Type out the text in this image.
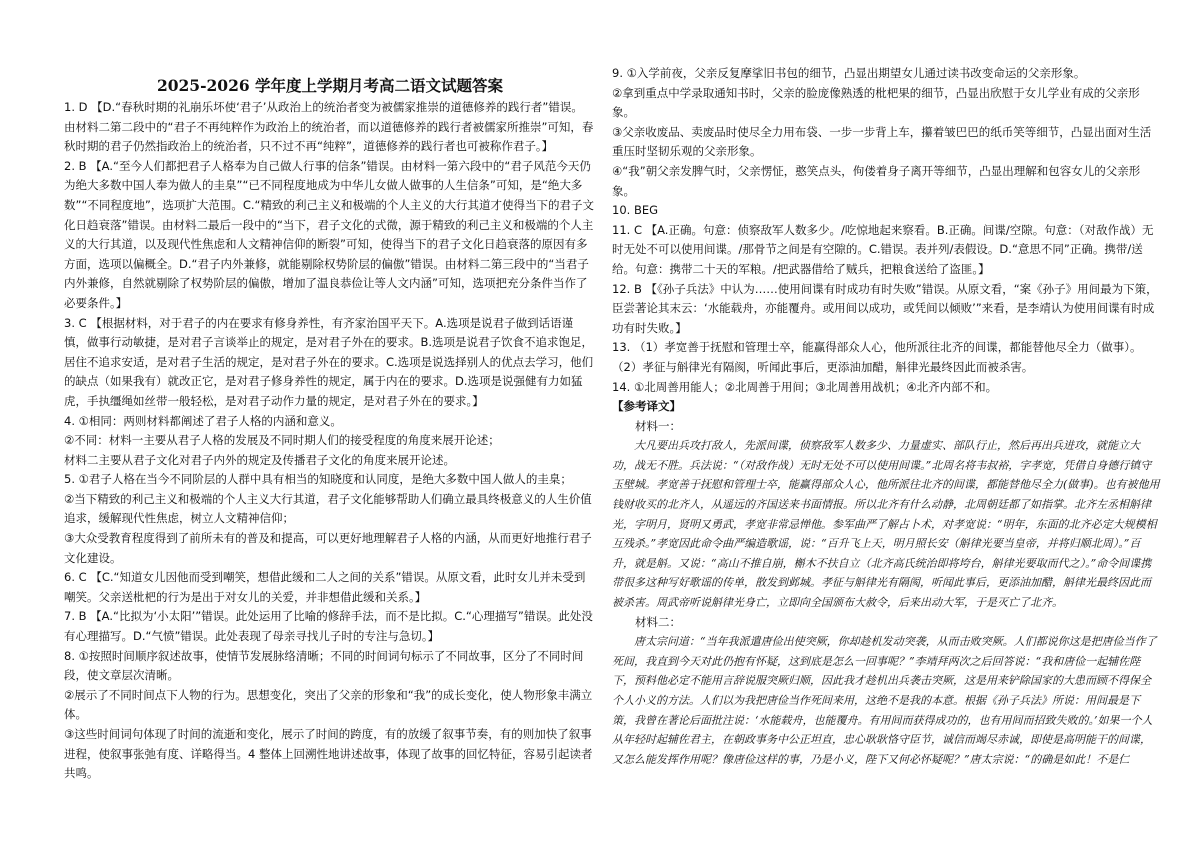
2025-2026 学年度上学期月考高二语文试题答案

1. D 【D.“春秋时期的礼崩乐坏使‘君子’从政治上的统治者变为被儒家推崇的道德修养的践行者”错误。由材料二第二段中的“君子不再纯粹作为政治上的统治者，而以道德修养的践行者被儒家所推崇”可知，春秋时期的君子仍然指政治上的统治者，只不过不再“纯粹”，道德修养的践行者也可被称作君子。】

2. B 【A.“至今人们都把君子人格奉为自己做人行事的信条”错误。由材料一第六段中的“君子风范今天仍为绝大多数中国人奉为做人的圭臬”“已不同程度地成为中华儿女做人做事的人生信条”可知，是“绝大多数”“不同程度地”，选项扩大范围。C.“精致的利己主义和极端的个人主义的大行其道才使得当下的君子文化日趋衰落”错误。由材料二最后一段中的“当下，君子文化的式微，源于精致的利己主义和极端的个人主义的大行其道，以及现代性焦虑和人文精神信仰的断裂”可知，使得当下的君子文化日趋衰落的原因有多方面，选项以偏概全。D.“君子内外兼修，就能剔除权势阶层的偏傲”错误。由材料二第三段中的“当君子内外兼修，自然就剔除了权势阶层的偏傲，增加了温良恭俭让等人文内涵”可知，选项把充分条件当作了必要条件。】

3. C 【根据材料，对于君子的内在要求有修身养性，有齐家治国平天下。A.选项是说君子做到话语谨慎，做事行动敏捷，是对君子言谈举止的规定，是对君子外在的要求。B.选项是说君子饮食不追求饱足，居住不追求安适，是对君子生活的规定，是对君子外在的要求。C.选项是说选择别人的优点去学习，他们的缺点（如果我有）就改正它，是对君子修身养性的规定，属于内在的要求。D.选项是说强健有力如猛虎，手执缰绳如丝带一般轻松，是对君子动作力量的规定，是对君子外在的要求。】

4. ①相同：两则材料都阐述了君子人格的内涵和意义。

②不同：材料一主要从君子人格的发展及不同时期人们的接受程度的角度来展开论述；

材料二主要从君子文化对君子内外的规定及传播君子文化的角度来展开论述。

5. ①君子人格在当今不同阶层的人群中具有相当的知晓度和认同度，是绝大多数中国人做人的圭臬；

②当下精致的利己主义和极端的个人主义大行其道，君子文化能够帮助人们确立最具终极意义的人生价值追求，缓解现代性焦虑，树立人文精神信仰；

③大众受教育程度得到了前所未有的普及和提高，可以更好地理解君子人格的内涵，从而更好地推行君子文化建设。

6. C 【C.“知道女儿因他而受到嘲笑，想借此缓和二人之间的关系”错误。从原文看，此时女儿并未受到嘲笑。父亲送枇杷的行为是出于对女儿的关爱，并非想借此缓和关系。】

7. B 【A.“比拟为‘小太阳’”错误。此处运用了比喻的修辞手法，而不是比拟。C.“心理描写”错误。此处没有心理描写。D.“气愤”错误。此处表现了母亲寻找儿子时的专注与急切。】

8. ①按照时间顺序叙述故事，使情节发展脉络清晰；不同的时间词句标示了不同故事，区分了不同时间段，使文章层次清晰。

②展示了不同时间点下人物的行为。思想变化，突出了父亲的形象和“我”的成长变化，使人物形象丰满立体。

③这些时间词句体现了时间的流逝和变化，展示了时间的跨度，有的放缓了叙事节奏，有的则加快了叙事进程，使叙事张弛有度、详略得当。4 整体上回溯性地讲述故事，体现了故事的回忆特征，容易引起读者共鸣。

9. ①入学前夜，父亲反复摩挲旧书包的细节，凸显出期望女儿通过读书改变命运的父亲形象。

②拿到重点中学录取通知书时，父亲的脸庞像熟透的枇杷果的细节，凸显出欣慰于女儿学业有成的父亲形象。

③父亲收废品、卖废品时使尽全力用布袋、一步一步背上车，攥着皱巴巴的纸币笑等细节，凸显出面对生活重压时坚韧乐观的父亲形象。

④“我”朝父亲发脾气时，父亲愣怔，憨笑点头，佝偻着身子离开等细节，凸显出理解和包容女儿的父亲形象。

10. BEG

11. C 【A.正确。句意：侦察敌军人数多少。/吃惊地起来察看。B.正确。间谍/空隙。句意：（对敌作战）无时无处不可以使用间谍。/那骨节之间是有空隙的。C.错误。表并列/表假设。D.“意思不同”正确。携带/送给。句意：携带二十天的军粮。/把武器借给了贼兵，把粮食送给了盗匪。】

12. B 【《孙子兵法》中认为……使用间谍有时成功有时失败”错误。从原文看，“案《孙子》用间最为下策，臣尝著论其末云：‘水能载舟，亦能覆舟。或用间以成功，或凭间以倾败’”来看，是李靖认为使用间谍有时成功有时失败。】

13. （1）孝宽善于抚慰和管理士卒，能赢得部众人心，他所派往北齐的间谍，都能替他尽全力（做事）。（2）孝征与斛律光有隔阂，听闻此事后，更添油加醋，斛律光最终因此而被杀害。

14. ①北周善用能人；②北周善于用间；③北周善用战机；④北齐内部不和。

【参考译文】

材料一：

大凡要出兵攻打敌人，先派间谍，侦察敌军人数多少、力量虚实、部队行止，然后再出兵进攻，就能立大功，战无不胜。兵法说：“（对敌作战）无时无处不可以使用间谍。”北周名将韦叔裕，字孝宽，凭借自身德行镇守玉壁城。孝宽善于抚慰和管理士卒，能赢得部众人心，他所派往北齐的间谍，都能替他尽全力(做事)。也有被他用钱财收买的北齐人，从遥远的齐国送来书面情报。所以北齐有什么动静，北周朝廷都了如指掌。北齐左丞相斛律光，字明月，贤明又勇武，孝宽非常忌惮他。参军曲严了解占卜术，对孝宽说：“明年，东面的北齐必定大规模相互残杀。”孝宽因此命令曲严编造歌谣，说：“百升飞上天，明月照长安（斛律光要当皇帝，并将归顺北周）。”百升，就是斛。又说：“高山不推自崩，槲木不扶自立（北齐高氏统治即将垮台，斛律光要取而代之）。”命令间谍携带很多这种写好歌谣的传单，散发到邺城。孝征与斛律光有隔阂，听闻此事后，更添油加醋，斛律光最终因此而被杀害。周武帝听说斛律光身亡，立即向全国颁布大赦令，后来出动大军，于是灭亡了北齐。

材料二：

唐太宗问道：“当年我派遣唐俭出使突厥，你却趁机发动突袭，从而击败突厥。人们都说你这是把唐俭当作了死间，我直到今天对此仍抱有怀疑，这到底是怎么一回事呢？”李靖拜两次之后回答说：“我和唐俭一起辅佐陛下，预料他必定不能用言辞说服突厥归顺，因此我才趁机出兵袭击突厥，这是用来铲除国家的大患而顾不得保全个人小义的方法。人们以为我把唐俭当作死间来用，这绝不是我的本意。根据《孙子兵法》所说：用间最是下策，我曾在著论后面批注说：‘水能载舟，也能覆舟。有用间而获得成功的，也有用间而招致失败的。’如果一个人从年轻时起辅佐君主，在朝政事务中公正坦直，忠心耿耿恪守臣节，诚信而竭尽赤诚，即使是高明能干的间谍，又怎么能发挥作用呢？像唐俭这样的事，乃是小义，陛下又何必怀疑呢？”唐太宗说：“的确是如此！不是仁
